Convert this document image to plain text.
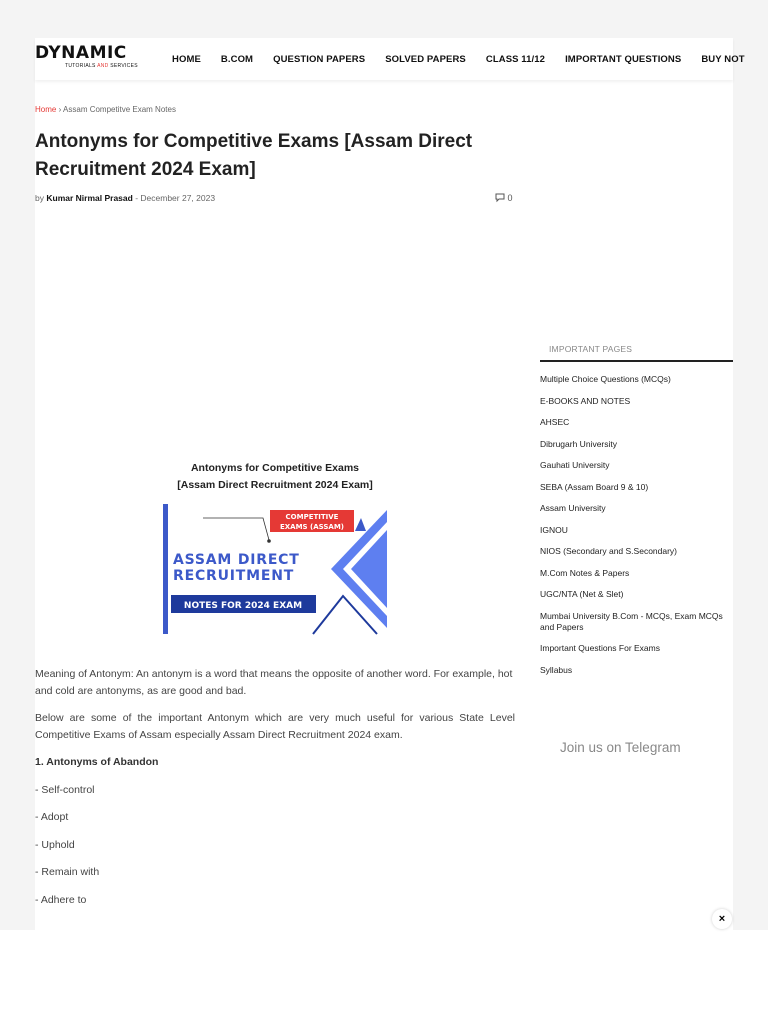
DYNAMIC
TUTORIALS AND SERVICES
HOME B.COM QUESTION PAPERS SOLVED PAPERS CLASS 11/12 IMPORTANT QUESTIONS BUY NOT
Home › Assam Competitve Exam Notes
Antonyms for Competitive Exams [Assam Direct Recruitment 2024 Exam]
by Kumar Nirmal Prasad - December 27, 2023	0
Antonyms for Competitive Exams
[Assam Direct Recruitment 2024 Exam]
COMPETITIVE
EXAMS (ASSAM)
ASSAM DIRECT
RECRUITMENT
NOTES FOR 2024 EXAM

Meaning of Antonym: An antonym is a word that means the opposite of another word. For example, hot and cold are antonyms, as are good and bad.

Below are some of the important Antonym which are very much useful for various State Level Competitive Exams of Assam especially Assam Direct Recruitment 2024 exam.

1. Antonyms of Abandon

- Self-control

- Adopt

- Uphold

- Remain with

- Adhere to

IMPORTANT PAGES
Multiple Choice Questions (MCQs)
E-BOOKS AND NOTES
AHSEC
Dibrugarh University
Gauhati University
SEBA (Assam Board 9 & 10)
Assam University
IGNOU
NIOS (Secondary and S.Secondary)
M.Com Notes & Papers
UGC/NTA (Net & Slet)
Mumbai University B.Com - MCQs, Exam MCQs and Papers
Important Questions For Exams
Syllabus
Join us on Telegram
×
